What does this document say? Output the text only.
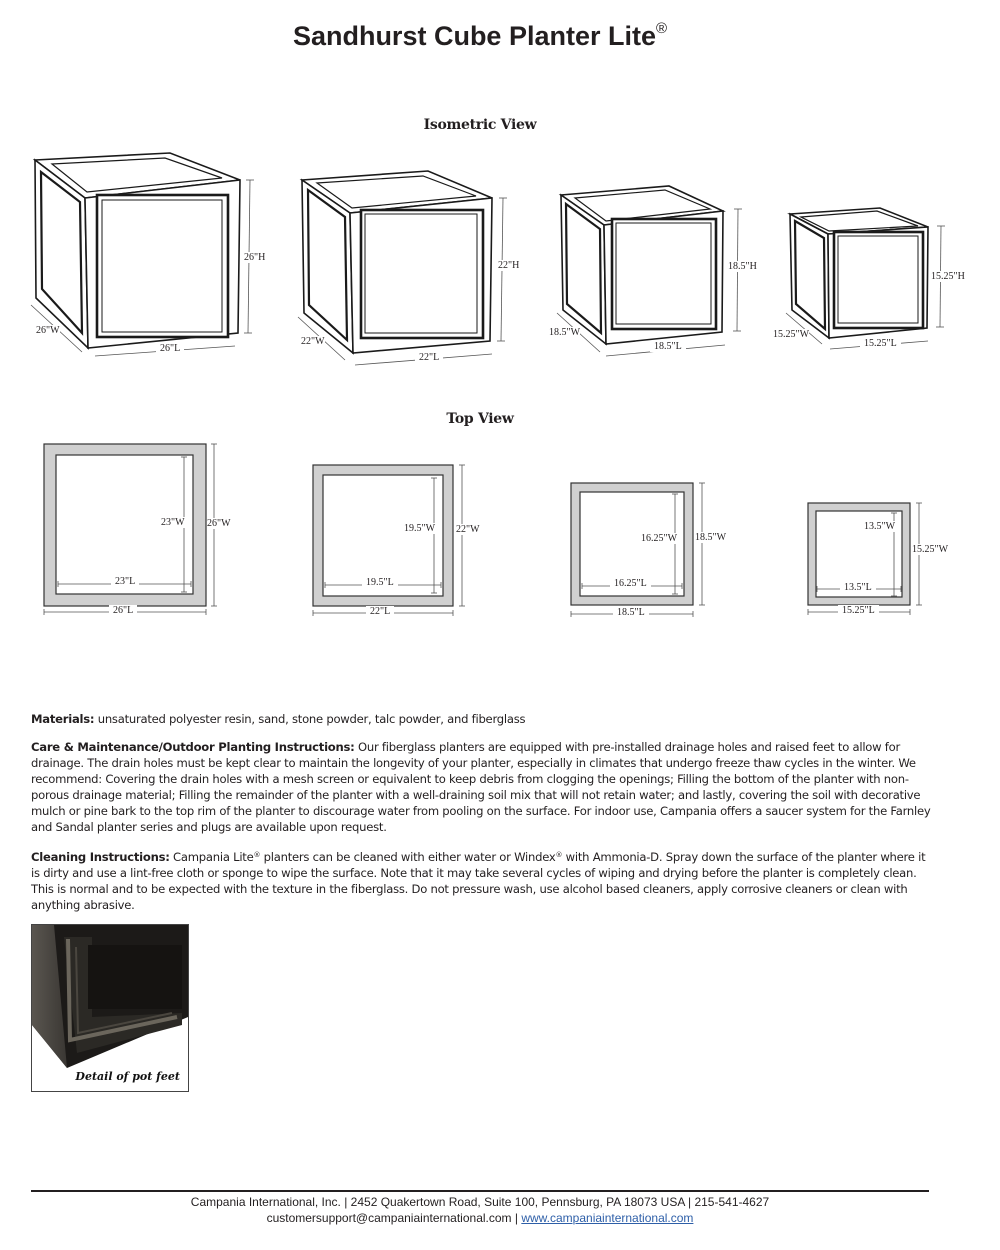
Sandhurst Cube Planter Lite®
Isometric View
26"H
26"W
26"L
22"H
22"W
22"L
18.5"H
18.5"W
18.5"L
15.25"H
15.25"W
15.25"L
Top View
23"W 26"W
23"L
26"L
19.5"W 22"W
19.5"L
22"L
16.25"W 18.5"W
16.25"L
18.5"L
13.5"W
15.25"W
13.5"L
15.25"L
Materials: unsaturated polyester resin, sand, stone powder, talc powder, and fiberglass
Care & Maintenance/Outdoor Planting Instructions: Our fiberglass planters are equipped with pre-installed drainage holes and raised feet to allow for drainage. The drain holes must be kept clear to maintain the longevity of your planter, especially in climates that undergo freeze thaw cycles in the winter. We recommend: Covering the drain holes with a mesh screen or equivalent to keep debris from clogging the openings; Filling the bottom of the planter with non-porous drainage material; Filling the remainder of the planter with a well-draining soil mix that will not retain water; and lastly, covering the soil with decorative mulch or pine bark to the top rim of the planter to discourage water from pooling on the surface. For indoor use, Campania offers a saucer system for the Farnley and Sandal planter series and plugs are available upon request.
Cleaning Instructions: Campania Lite® planters can be cleaned with either water or Windex® with Ammonia-D. Spray down the surface of the planter where it is dirty and use a lint-free cloth or sponge to wipe the surface. Note that it may take several cycles of wiping and drying before the planter is completely clean. This is normal and to be expected with the texture in the fiberglass. Do not pressure wash, use alcohol based cleaners, apply corrosive cleaners or clean with anything abrasive.
Detail of pot feet
Campania International, Inc. | 2452 Quakertown Road, Suite 100, Pennsburg, PA 18073 USA | 215-541-4627
customersupport@campaniainternational.com | www.campaniainternational.com
